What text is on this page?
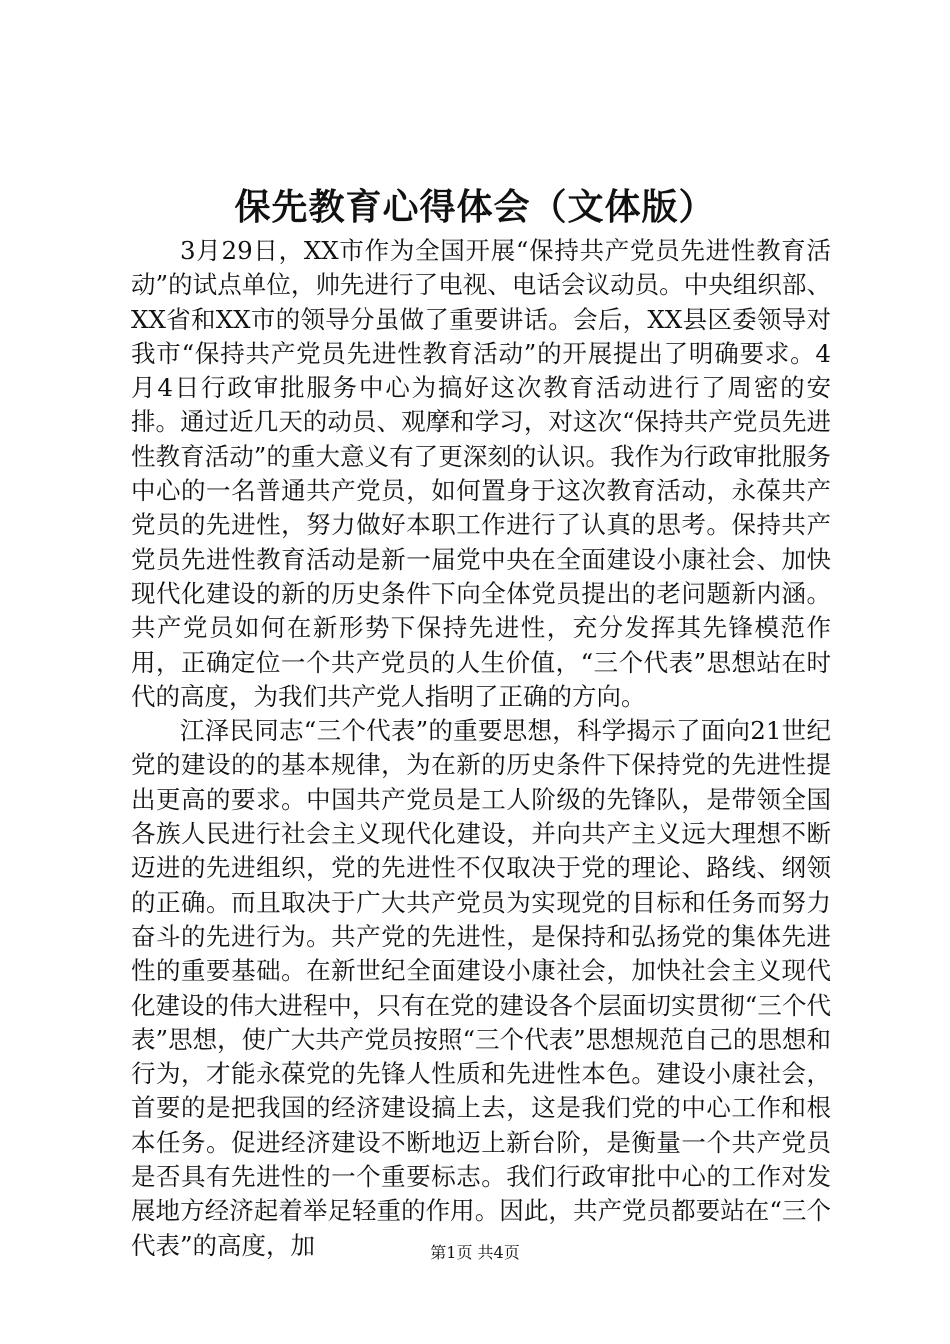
保先教育心得体会（文体版）

3月29日，XX市作为全国开展“保持共产党员先进性教育活动”的试点单位，帅先进行了电视、电话会议动员。中央组织部、XX省和XX市的领导分虽做了重要讲话。会后，XX县区委领导对我市“保持共产党员先进性教育活动”的开展提出了明确要求。4月4日行政审批服务中心为搞好这次教育活动进行了周密的安排。通过近几天的动员、观摩和学习，对这次“保持共产党员先进性教育活动”的重大意义有了更深刻的认识。我作为行政审批服务中心的一名普通共产党员，如何置身于这次教育活动，永葆共产党员的先进性，努力做好本职工作进行了认真的思考。保持共产党员先进性教育活动是新一届党中央在全面建设小康社会、加快现代化建设的新的历史条件下向全体党员提出的老问题新内涵。共产党员如何在新形势下保持先进性，充分发挥其先锋模范作用，正确定位一个共产党员的人生价值，“三个代表”思想站在时代的高度，为我们共产党人指明了正确的方向。

江泽民同志“三个代表”的重要思想，科学揭示了面向21世纪党的建设的的基本规律，为在新的历史条件下保持党的先进性提出更高的要求。中国共产党员是工人阶级的先锋队，是带领全国各族人民进行社会主义现代化建设，并向共产主义远大理想不断迈进的先进组织，党的先进性不仅取决于党的理论、路线、纲领的正确。而且取决于广大共产党员为实现党的目标和任务而努力奋斗的先进行为。共产党的先进性，是保持和弘扬党的集体先进性的重要基础。在新世纪全面建设小康社会，加快社会主义现代化建设的伟大进程中，只有在党的建设各个层面切实贯彻“三个代表”思想，使广大共产党员按照“三个代表”思想规范自己的思想和行为，才能永葆党的先锋人性质和先进性本色。建设小康社会，首要的是把我国的经济建设搞上去，这是我们党的中心工作和根本任务。促进经济建设不断地迈上新台阶，是衡量一个共产党员是否具有先进性的一个重要标志。我们行政审批中心的工作对发展地方经济起着举足轻重的作用。因此，共产党员都要站在“三个代表”的高度，加	第1页 共4页
